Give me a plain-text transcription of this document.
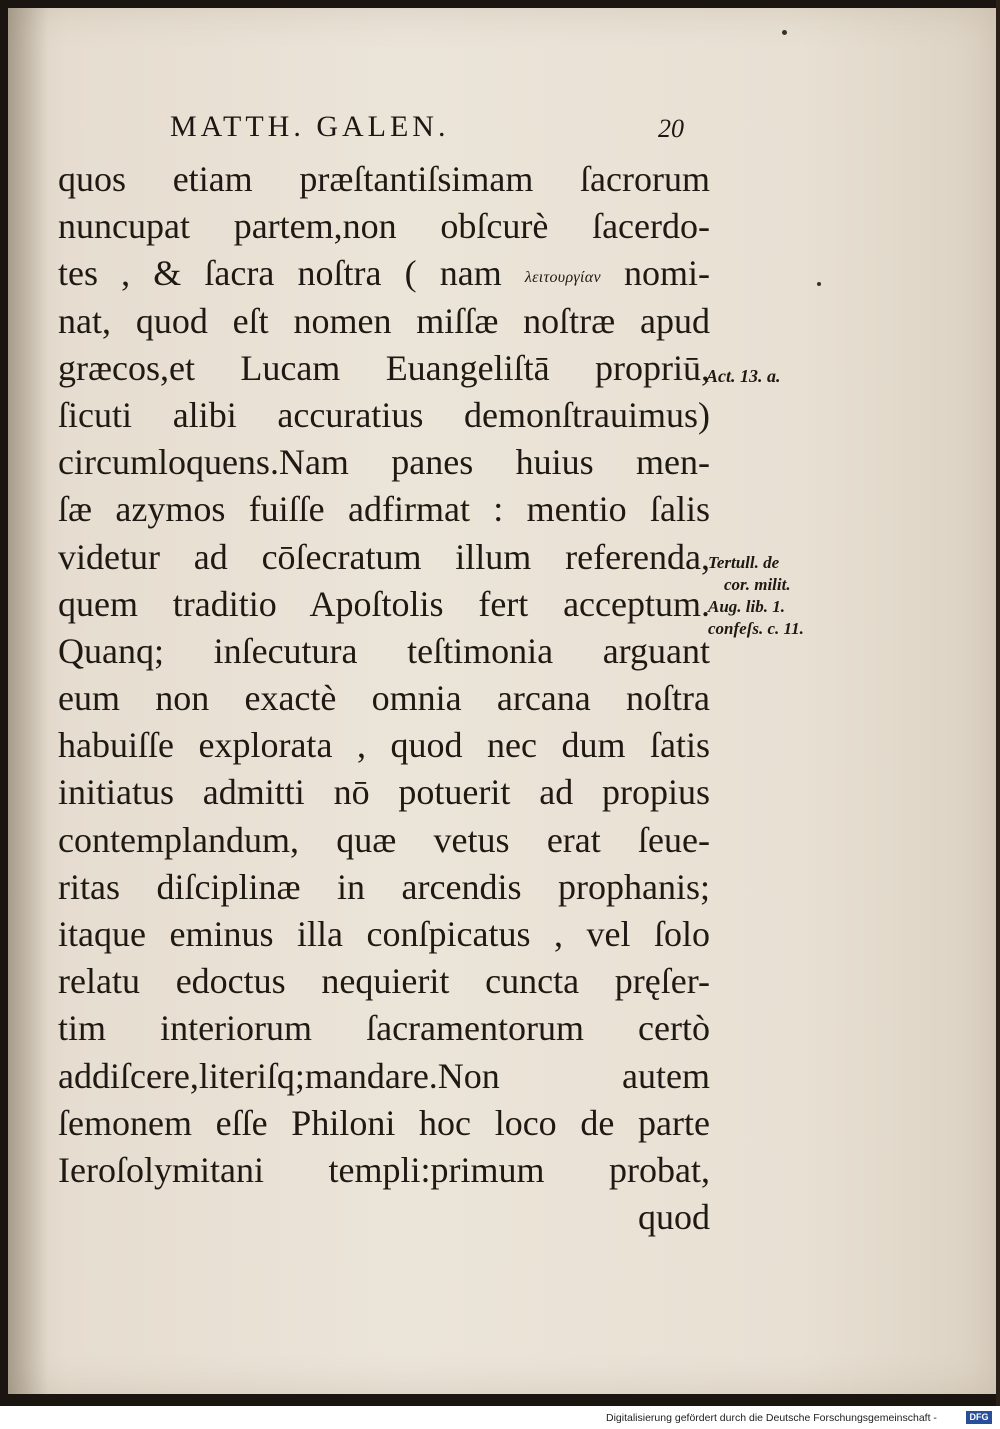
MATTH. GALEN.	20
quos etiam præſtantiſsimam ſacrorum
nuncupat partem,non obſcurè ſacerdo-
tes , & ſacra noſtra ( nam λειτουργίαν nomi-
nat, quod eſt nomen miſſæ noſtræ apud
græcos,et Lucam Euangeliſtā propriū,
ſicuti alibi accuratius demonſtrauimus)
circumloquens.Nam panes huius men-
ſæ azymos fuiſſe adfirmat : mentio ſalis
videtur ad cōſecratum illum referenda,
quem traditio Apoſtolis fert acceptum.
Quanq; inſecutura teſtimonia arguant
eum non exactè omnia arcana noſtra
habuiſſe explorata , quod nec dum ſatis
initiatus admitti nō potuerit ad propius
contemplandum, quæ vetus erat ſeue-
ritas diſciplinæ in arcendis prophanis;
itaque eminus illa conſpicatus , vel ſolo
relatu edoctus nequierit cuncta pręſer-
tim interiorum ſacramentorum certò
addiſcere,literiſq;mandare.Non autem
ſemonem eſſe Philoni hoc loco de parte
Ieroſolymitani templi:primum probat,
quod
Act. 13. a.
Tertull. de
cor. milit.
Aug. lib. 1.
confeſs. c. 11.
Digitalisierung gefördert durch die Deutsche Forschungsgemeinschaft -	DFG
